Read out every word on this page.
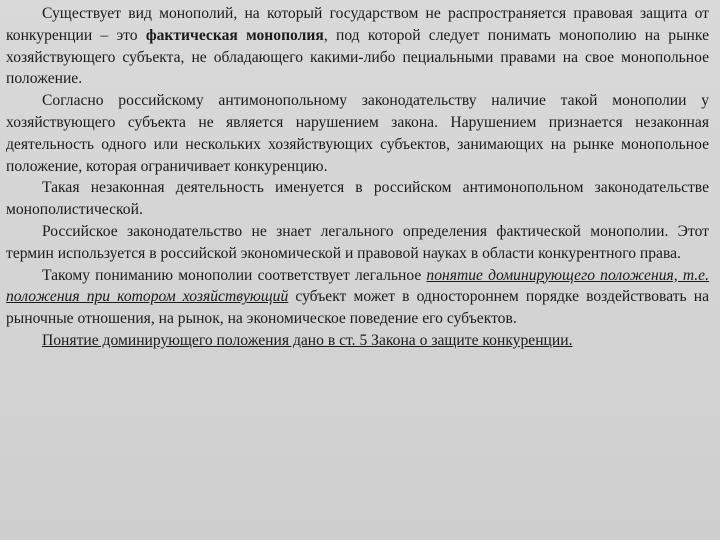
Существует вид монополий, на который государством не распространяется правовая защита от конкуренции – это фактическая монополия, под которой следует понимать монополию на рынке хозяйствующего субъекта, не обладающего какими-либо пециальными правами на свое монопольное положение.

Согласно российскому антимонопольному законодательству наличие такой монополии у хозяйствующего субъекта не является нарушением закона. Нарушением признается незаконная деятельность одного или нескольких хозяйствующих субъектов, занимающих на рынке монопольное положение, которая ограничивает конкуренцию.

Такая незаконная деятельность именуется в российском антимонопольном законодательстве монополистической.

Российское законодательство не знает легального определения фактической монополии. Этот термин используется в российской экономической и правовой науках в области конкурентного права.

Такому пониманию монополии соответствует легальное понятие доминирующего положения, т.е. положения при котором хозяйствующий субъект может в одностороннем порядке воздействовать на рыночные отношения, на рынок, на экономическое поведение его субъектов.

Понятие доминирующего положения дано в ст. 5 Закона о защите конкуренции.
